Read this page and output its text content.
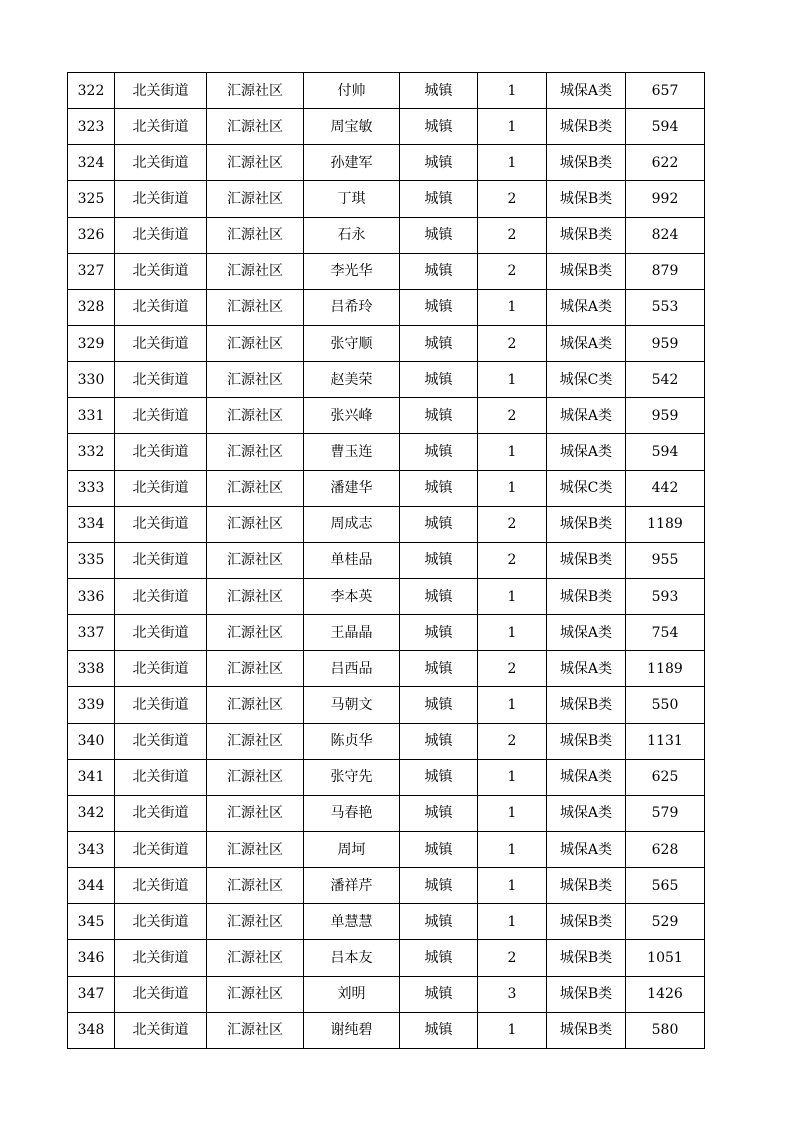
322	北关街道	汇源社区	付帅	城镇	1	城保A类	657
323	北关街道	汇源社区	周宝敏	城镇	1	城保B类	594
324	北关街道	汇源社区	孙建军	城镇	1	城保B类	622
325	北关街道	汇源社区	丁琪	城镇	2	城保B类	992
326	北关街道	汇源社区	石永	城镇	2	城保B类	824
327	北关街道	汇源社区	李光华	城镇	2	城保B类	879
328	北关街道	汇源社区	吕希玲	城镇	1	城保A类	553
329	北关街道	汇源社区	张守顺	城镇	2	城保A类	959
330	北关街道	汇源社区	赵美荣	城镇	1	城保C类	542
331	北关街道	汇源社区	张兴峰	城镇	2	城保A类	959
332	北关街道	汇源社区	曹玉连	城镇	1	城保A类	594
333	北关街道	汇源社区	潘建华	城镇	1	城保C类	442
334	北关街道	汇源社区	周成志	城镇	2	城保B类	1189
335	北关街道	汇源社区	单桂品	城镇	2	城保B类	955
336	北关街道	汇源社区	李本英	城镇	1	城保B类	593
337	北关街道	汇源社区	王晶晶	城镇	1	城保A类	754
338	北关街道	汇源社区	吕西品	城镇	2	城保A类	1189
339	北关街道	汇源社区	马朝文	城镇	1	城保B类	550
340	北关街道	汇源社区	陈贞华	城镇	2	城保B类	1131
341	北关街道	汇源社区	张守先	城镇	1	城保A类	625
342	北关街道	汇源社区	马春艳	城镇	1	城保A类	579
343	北关街道	汇源社区	周坷	城镇	1	城保A类	628
344	北关街道	汇源社区	潘祥芹	城镇	1	城保B类	565
345	北关街道	汇源社区	单慧慧	城镇	1	城保B类	529
346	北关街道	汇源社区	吕本友	城镇	2	城保B类	1051
347	北关街道	汇源社区	刘明	城镇	3	城保B类	1426
348	北关街道	汇源社区	谢纯碧	城镇	1	城保B类	580
